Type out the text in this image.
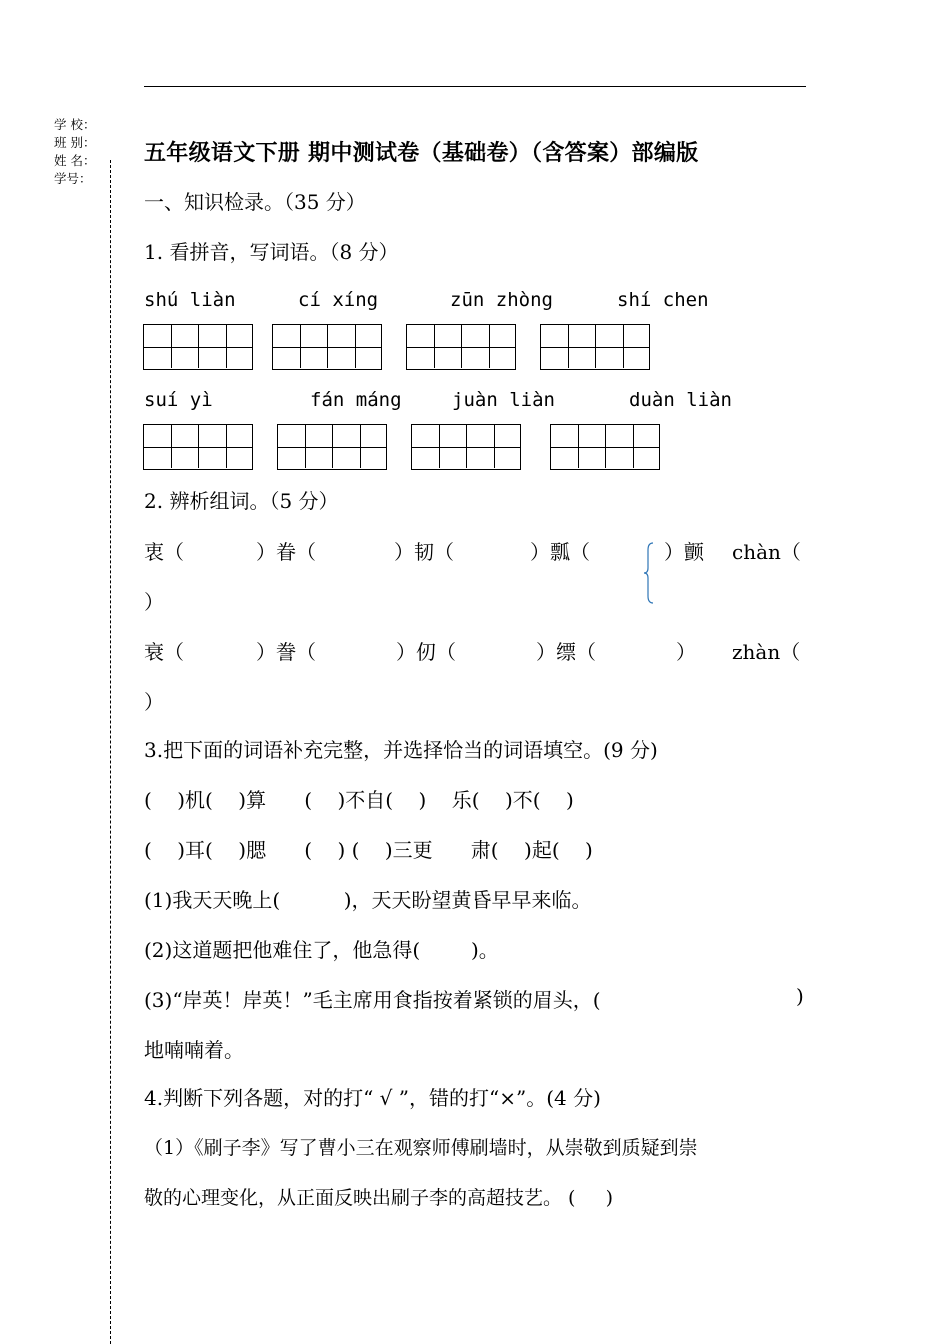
学 校：
班 别：
姓 名：
学号：
五年级语文下册 期中测试卷（基础卷）（含答案）部编版
一、知识检录。（35 分）
1. 看拼音，写词语。（8 分）
shú liàn	cí xíng	zūn zhòng	shí chen
suí yì	fán máng	juàn liàn	duàn liàn
2. 辨析组词。（5 分）
衷（	）眷（	）韧（	）瓢（	）颤 chàn（
）
衰（	）誊（	）仞（	）缥（	） zhàn（
）
3.把下面的词语补充完整，并选择恰当的词语填空。(9 分)
(    )机(    )算      (    )不自(    )    乐(    )不(    )
(    )耳(    )腮      (    ) (    )三更      肃(    )起(    )
(1)我天天晚上(          )，天天盼望黄昏早早来临。
(2)这道题把他难住了，他急得(        )。
(3)“岸英！岸英！”毛主席用食指按着紧锁的眉头，(	)
地喃喃着。
4.判断下列各题，对的打“ √ ”，错的打“×”。(4 分)
（1）《刷子李》写了曹小三在观察师傅刷墙时，从崇敬到质疑到崇
敬的心理变化，从正面反映出刷子李的高超技艺。 (     )
